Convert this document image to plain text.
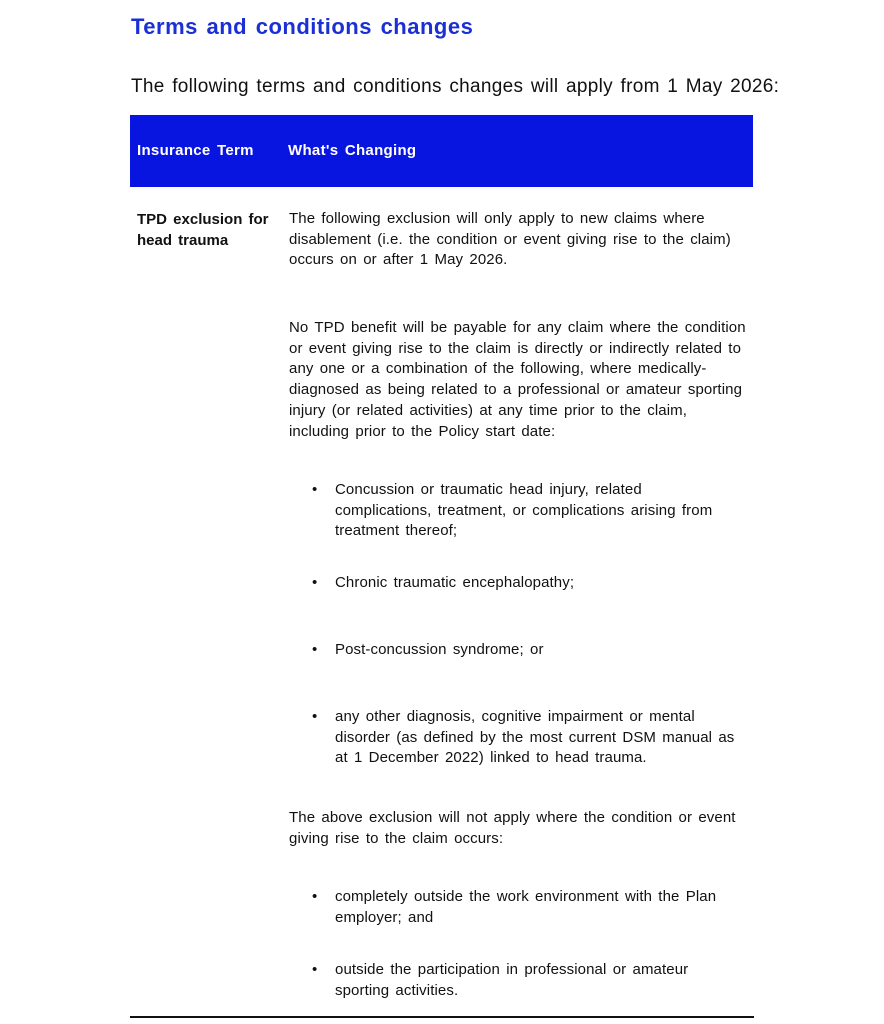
Terms and conditions changes

The following terms and conditions changes will apply from 1 May 2026:

Insurance Term What's Changing
TPD exclusion for head trauma

The following exclusion will only apply to new claims where disablement (i.e. the condition or event giving rise to the claim) occurs on or after 1 May 2026.

No TPD benefit will be payable for any claim where the condition or event giving rise to the claim is directly or indirectly related to any one or a combination of the following, where medically-diagnosed as being related to a professional or amateur sporting injury (or related activities) at any time prior to the claim, including prior to the Policy start date:

• Concussion or traumatic head injury, related complications, treatment, or complications arising from treatment thereof;
• Chronic traumatic encephalopathy;
• Post-concussion syndrome; or
• any other diagnosis, cognitive impairment or mental disorder (as defined by the most current DSM manual as at 1 December 2022) linked to head trauma.

The above exclusion will not apply where the condition or event giving rise to the claim occurs:

• completely outside the work environment with the Plan employer; and
• outside the participation in professional or amateur sporting activities.
